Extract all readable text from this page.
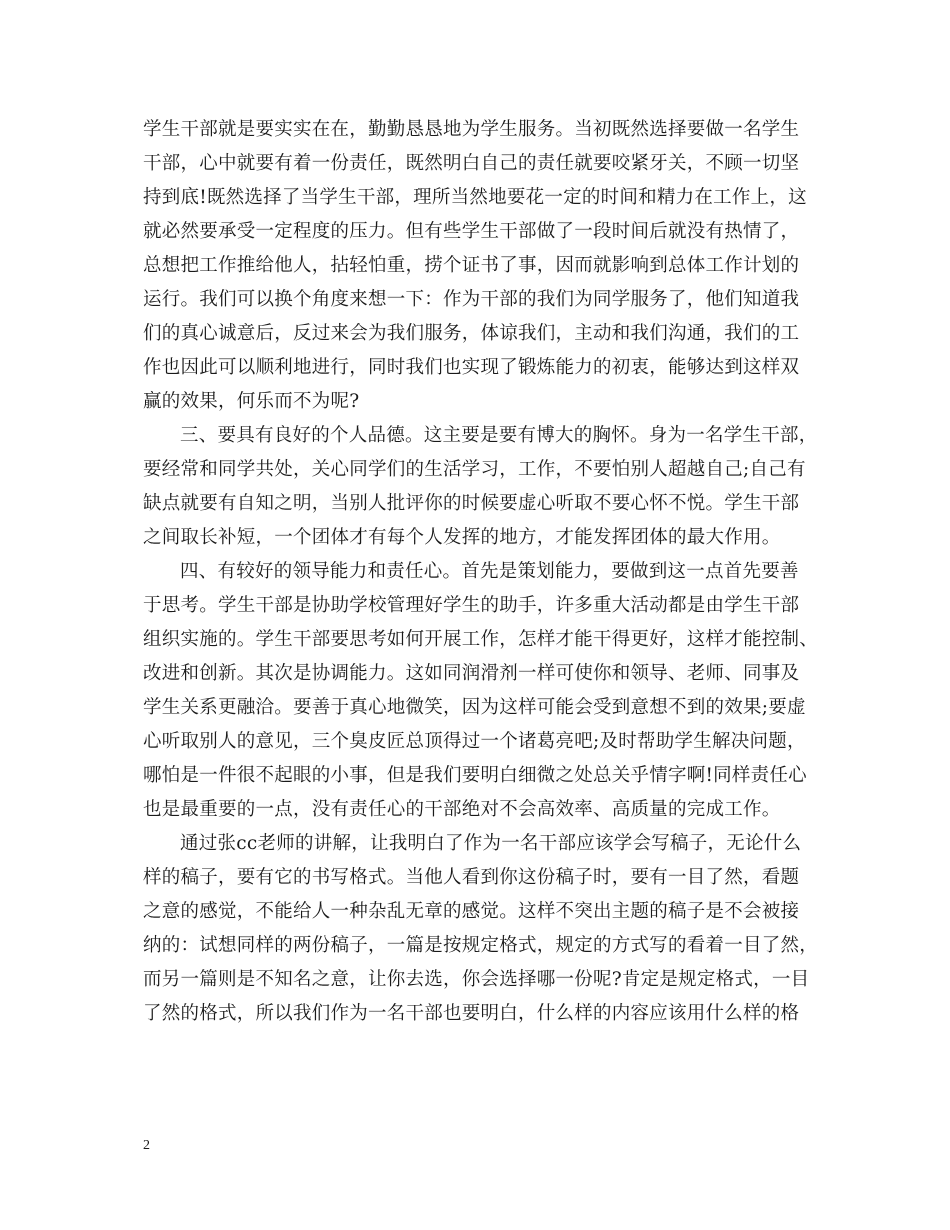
学生干部就是要实实在在，勤勤恳恳地为学生服务。当初既然选择要做一名学生
干部，心中就要有着一份责任，既然明白自己的责任就要咬紧牙关，不顾一切坚
持到底!既然选择了当学生干部，理所当然地要花一定的时间和精力在工作上，这
就必然要承受一定程度的压力。但有些学生干部做了一段时间后就没有热情了，
总想把工作推给他人，拈轻怕重，捞个证书了事，因而就影响到总体工作计划的
运行。我们可以换个角度来想一下：作为干部的我们为同学服务了，他们知道我
们的真心诚意后，反过来会为我们服务，体谅我们，主动和我们沟通，我们的工
作也因此可以顺利地进行，同时我们也实现了锻炼能力的初衷，能够达到这样双
赢的效果，何乐而不为呢?
三、要具有良好的个人品德。这主要是要有博大的胸怀。身为一名学生干部，
要经常和同学共处，关心同学们的生活学习，工作，不要怕别人超越自己;自己有
缺点就要有自知之明，当别人批评你的时候要虚心听取不要心怀不悦。学生干部
之间取长补短，一个团体才有每个人发挥的地方，才能发挥团体的最大作用。
四、有较好的领导能力和责任心。首先是策划能力，要做到这一点首先要善
于思考。学生干部是协助学校管理好学生的助手，许多重大活动都是由学生干部
组织实施的。学生干部要思考如何开展工作，怎样才能干得更好，这样才能控制、
改进和创新。其次是协调能力。这如同润滑剂一样可使你和领导、老师、同事及
学生关系更融洽。要善于真心地微笑，因为这样可能会受到意想不到的效果;要虚
心听取别人的意见，三个臭皮匠总顶得过一个诸葛亮吧;及时帮助学生解决问题，
哪怕是一件很不起眼的小事，但是我们要明白细微之处总关乎情字啊!同样责任心
也是最重要的一点，没有责任心的干部绝对不会高效率、高质量的完成工作。
通过张cc老师的讲解，让我明白了作为一名干部应该学会写稿子，无论什么
样的稿子，要有它的书写格式。当他人看到你这份稿子时，要有一目了然，看题
之意的感觉，不能给人一种杂乱无章的感觉。这样不突出主题的稿子是不会被接
纳的：试想同样的两份稿子，一篇是按规定格式，规定的方式写的看着一目了然，
而另一篇则是不知名之意，让你去选，你会选择哪一份呢?肯定是规定格式，一目
了然的格式，所以我们作为一名干部也要明白，什么样的内容应该用什么样的格
2
